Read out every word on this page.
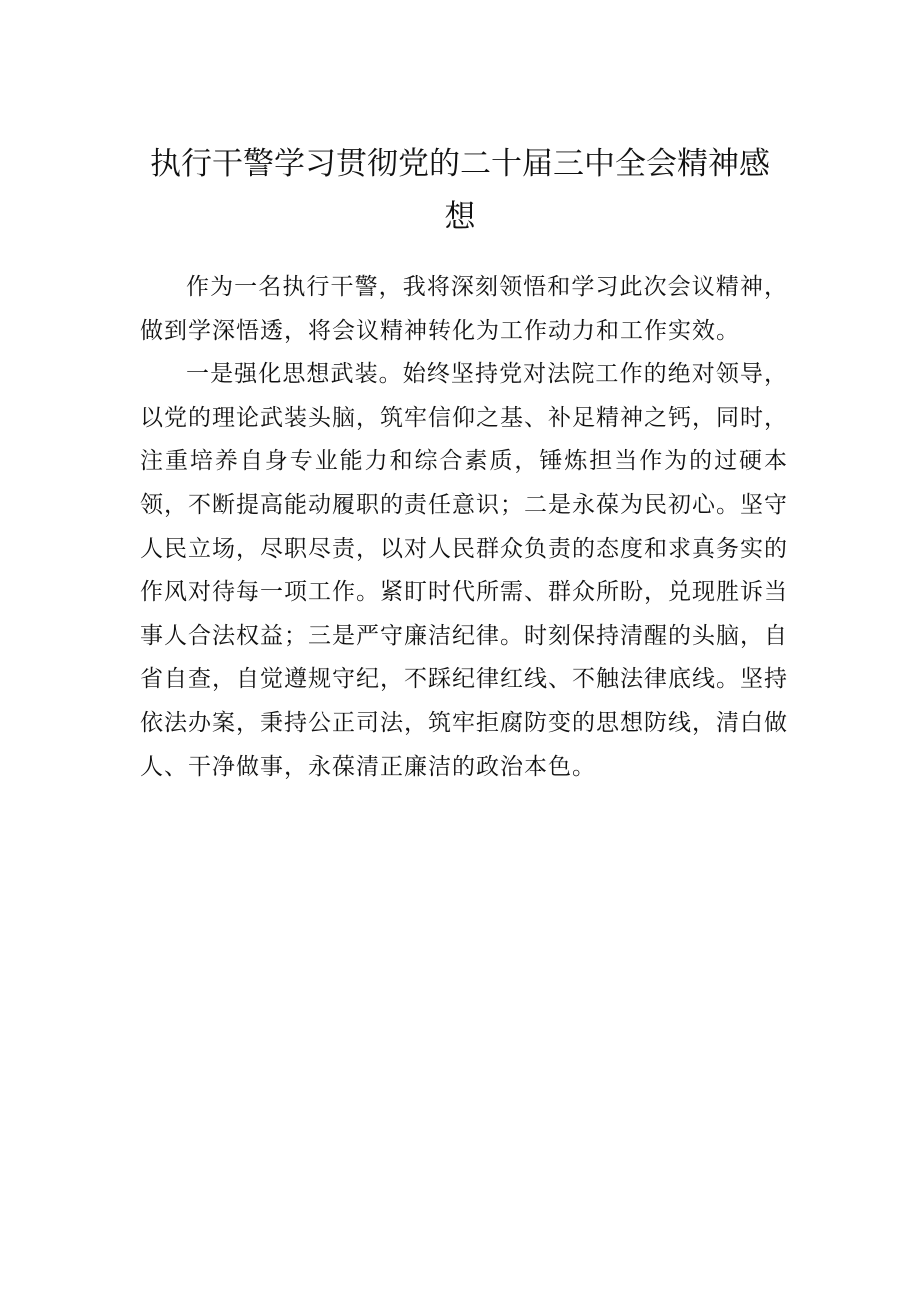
执行干警学习贯彻党的二十届三中全会精神感想

作为一名执行干警，我将深刻领悟和学习此次会议精神，做到学深悟透，将会议精神转化为工作动力和工作实效。

一是强化思想武装。始终坚持党对法院工作的绝对领导，以党的理论武装头脑，筑牢信仰之基、补足精神之钙，同时，注重培养自身专业能力和综合素质，锤炼担当作为的过硬本领，不断提高能动履职的责任意识；二是永葆为民初心。坚守人民立场，尽职尽责，以对人民群众负责的态度和求真务实的作风对待每一项工作。紧盯时代所需、群众所盼，兑现胜诉当事人合法权益；三是严守廉洁纪律。时刻保持清醒的头脑，自省自查，自觉遵规守纪，不踩纪律红线、不触法律底线。坚持依法办案，秉持公正司法，筑牢拒腐防变的思想防线，清白做人、干净做事，永葆清正廉洁的政治本色。
